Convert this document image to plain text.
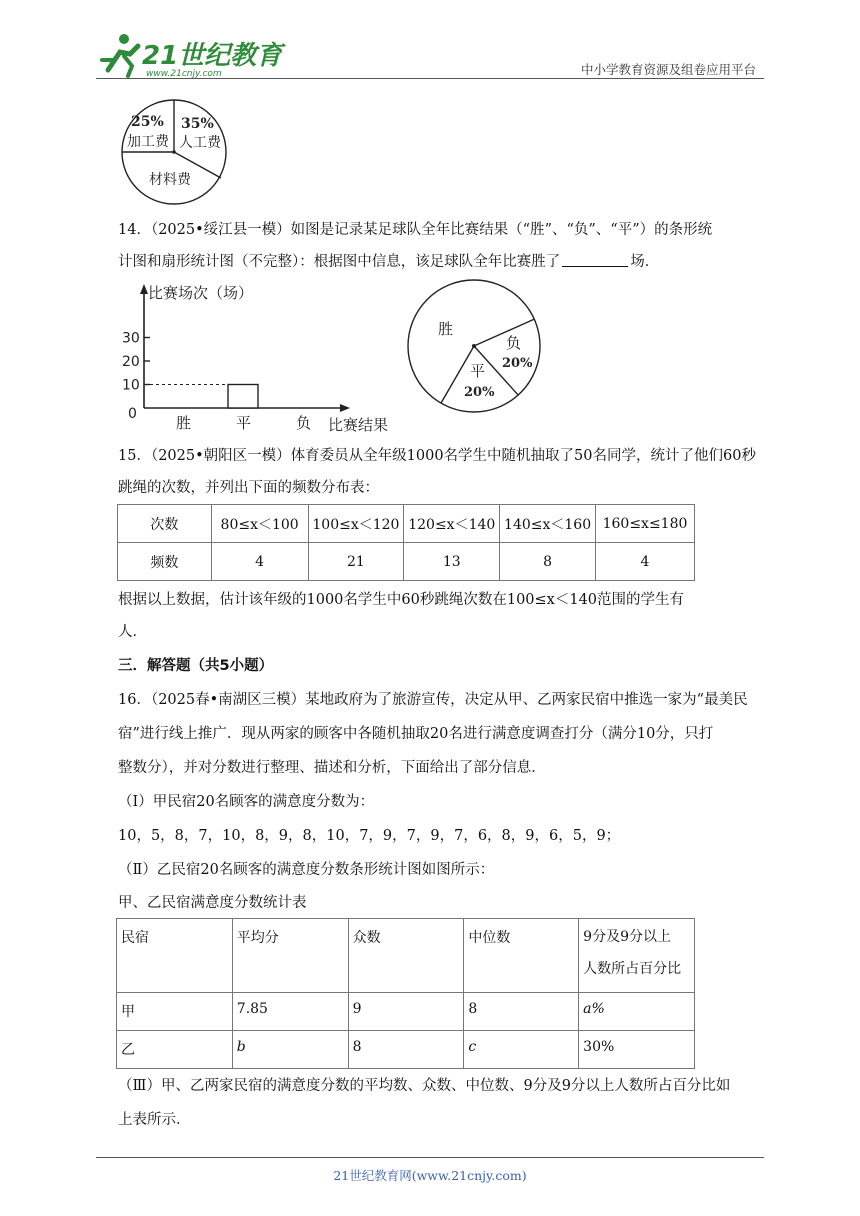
21世纪教育
www.21cnjy.com	中小学教育资源及组卷应用平台
25%
加工费
35%
人工费
材料费
14．（2025•绥江县一模）如图是记录某足球队全年比赛结果（“胜”、“负”、“平”）的条形统
计图和扇形统计图（不完整）：根据图中信息，该足球队全年比赛胜了	场．
比赛场次（场）
比赛结果
0
10
20
30
胜	平	负
胜
负
20%
平
20%
15．（2025•朝阳区一模）体育委员从全年级1000名学生中随机抽取了50名同学，统计了他们60秒
跳绳的次数，并列出下面的频数分布表：
次数	80≤x＜100	100≤x＜120	120≤x＜140	140≤x＜160	160≤x≤180
频数	4	21	13	8	4
根据以上数据，估计该年级的1000名学生中60秒跳绳次数在100≤x＜140范围的学生有
人．
三．解答题（共5小题）
16．（2025春•南湖区三模）某地政府为了旅游宣传，决定从甲、乙两家民宿中推选一家为“最美民
宿”进行线上推广．现从两家的顾客中各随机抽取20名进行满意度调查打分（满分10分，只打
整数分），并对分数进行整理、描述和分析，下面给出了部分信息．
（Ⅰ）甲民宿20名顾客的满意度分数为：
10，5，8，7，10，8，9，8，10，7，9，7，9，7，6，8，9，6，5，9；
（Ⅱ）乙民宿20名顾客的满意度分数条形统计图如图所示：
甲、乙民宿满意度分数统计表
民宿	平均分	众数	中位数	9分及9分以上
人数所占百分比
甲	7.85	9	8	a%
乙	b	8	c	30%
（Ⅲ）甲、乙两家民宿的满意度分数的平均数、众数、中位数、9分及9分以上人数所占百分比如
上表所示．
21世纪教育网(www.21cnjy.com)
